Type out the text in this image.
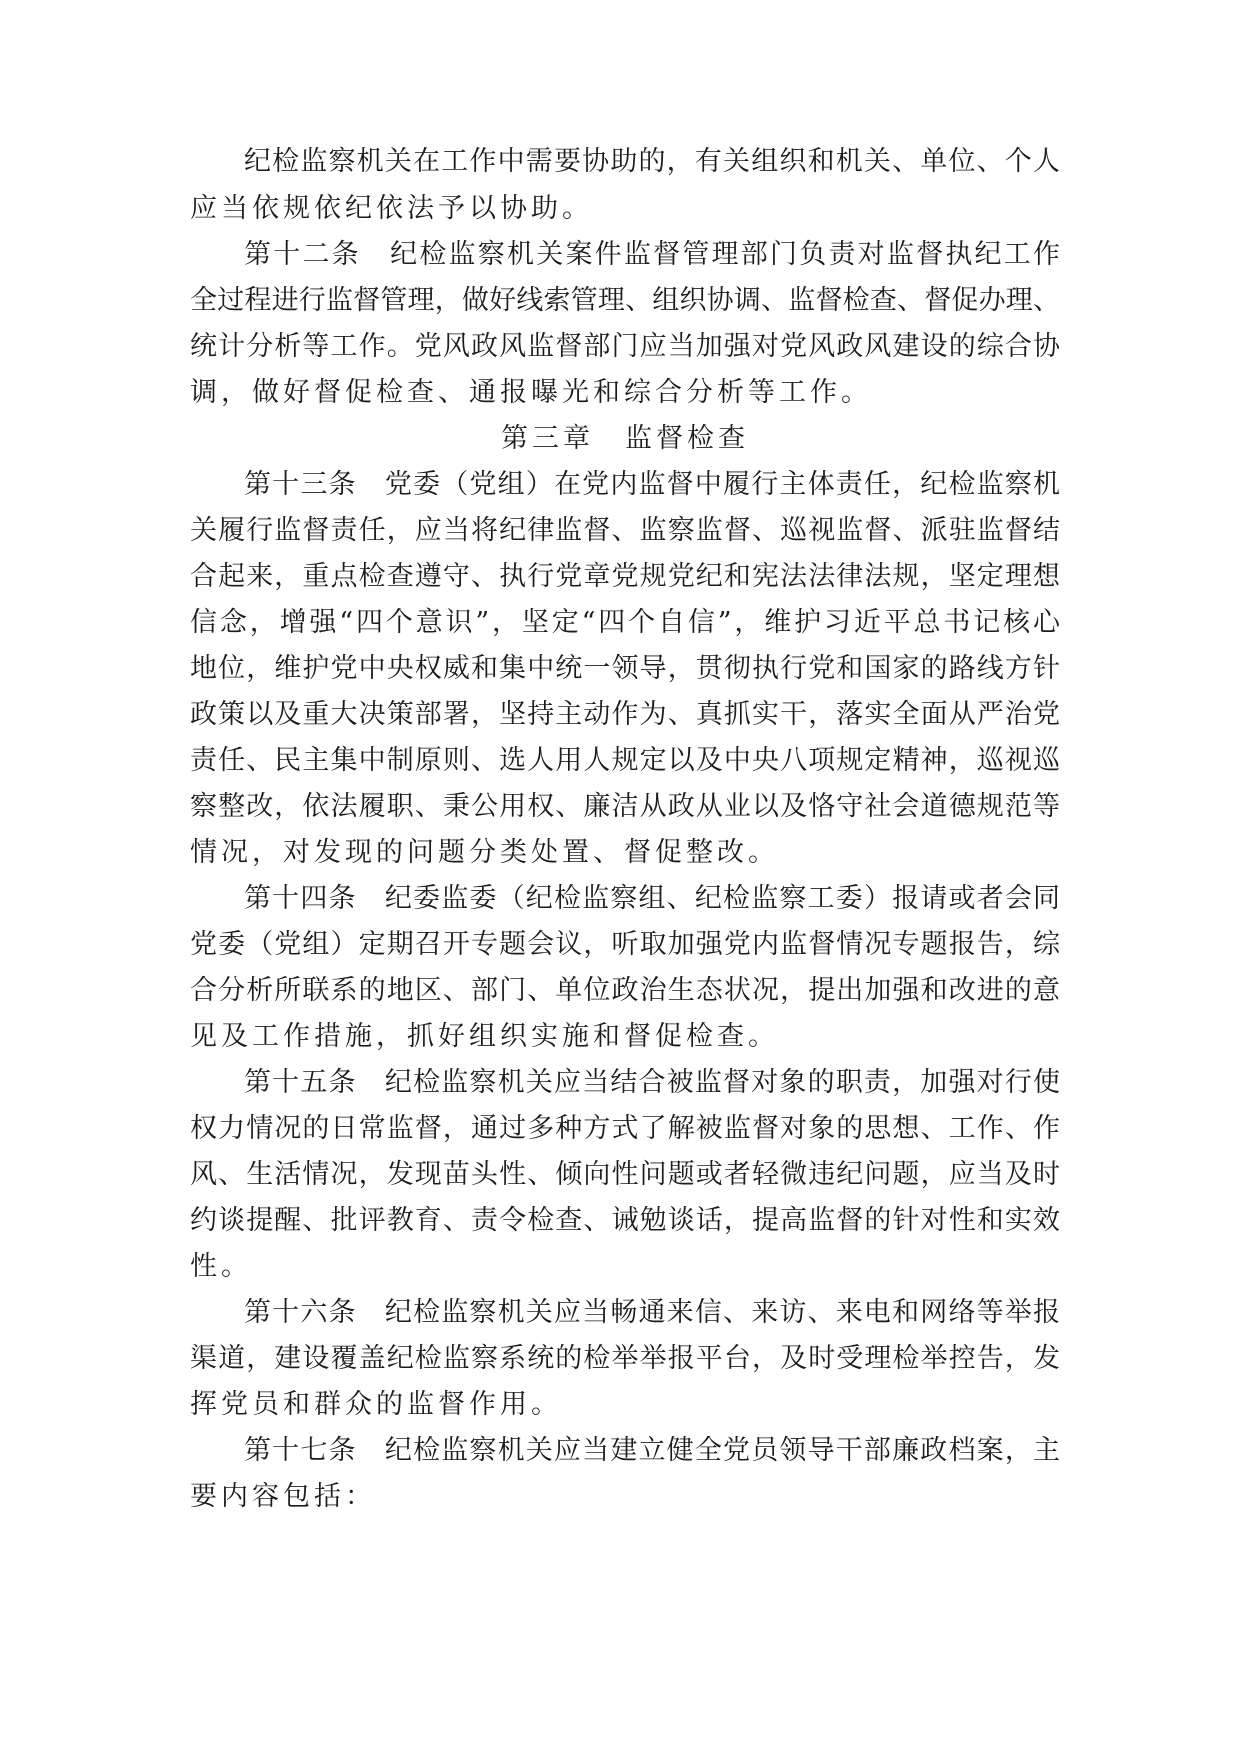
纪检监察机关在工作中需要协助的，有关组织和机关、单位、个人
应当依规依纪依法予以协助。
第十二条　纪检监察机关案件监督管理部门负责对监督执纪工作
全过程进行监督管理，做好线索管理、组织协调、监督检查、督促办理、
统计分析等工作。党风政风监督部门应当加强对党风政风建设的综合协
调，做好督促检查、通报曝光和综合分析等工作。
第三章　监督检查
第十三条　党委（党组）在党内监督中履行主体责任，纪检监察机
关履行监督责任，应当将纪律监督、监察监督、巡视监督、派驻监督结
合起来，重点检查遵守、执行党章党规党纪和宪法法律法规，坚定理想
信念，增强“四个意识”，坚定“四个自信”，维护习近平总书记核心
地位，维护党中央权威和集中统一领导，贯彻执行党和国家的路线方针
政策以及重大决策部署，坚持主动作为、真抓实干，落实全面从严治党
责任、民主集中制原则、选人用人规定以及中央八项规定精神，巡视巡
察整改，依法履职、秉公用权、廉洁从政从业以及恪守社会道德规范等
情况，对发现的问题分类处置、督促整改。
第十四条　纪委监委（纪检监察组、纪检监察工委）报请或者会同
党委（党组）定期召开专题会议，听取加强党内监督情况专题报告，综
合分析所联系的地区、部门、单位政治生态状况，提出加强和改进的意
见及工作措施，抓好组织实施和督促检查。
第十五条　纪检监察机关应当结合被监督对象的职责，加强对行使
权力情况的日常监督，通过多种方式了解被监督对象的思想、工作、作
风、生活情况，发现苗头性、倾向性问题或者轻微违纪问题，应当及时
约谈提醒、批评教育、责令检查、诫勉谈话，提高监督的针对性和实效
性。
第十六条　纪检监察机关应当畅通来信、来访、来电和网络等举报
渠道，建设覆盖纪检监察系统的检举举报平台，及时受理检举控告，发
挥党员和群众的监督作用。
第十七条　纪检监察机关应当建立健全党员领导干部廉政档案，主
要内容包括：
